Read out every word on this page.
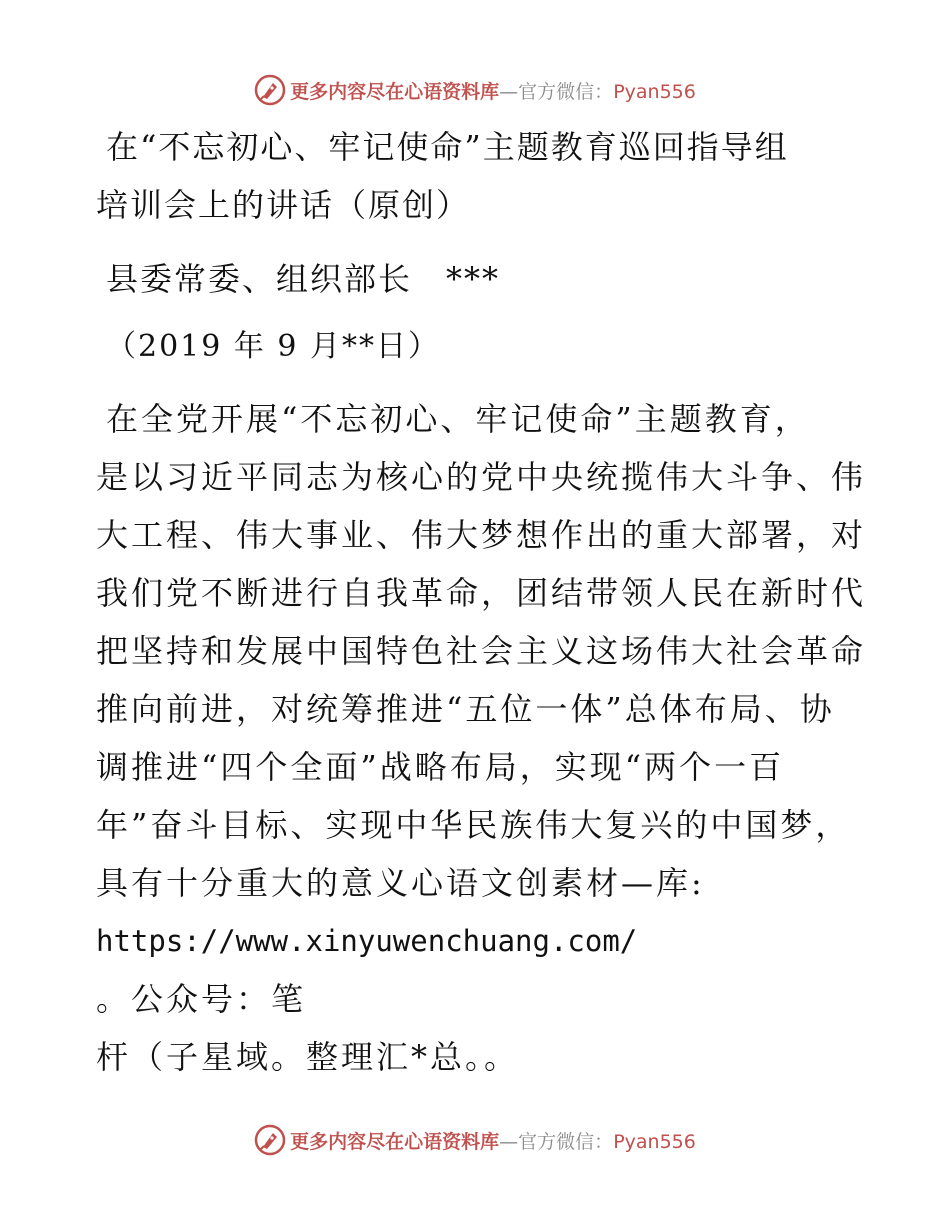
更多内容尽在心语资料库—官方微信：Pyan556
在“不忘初心、牢记使命”主题教育巡回指导组
培训会上的讲话（原创）
县委常委、组织部长 ***
（2019 年 9 月**日）
在全党开展“不忘初心、牢记使命”主题教育，
是以习近平同志为核心的党中央统揽伟大斗争、伟
大工程、伟大事业、伟大梦想作出的重大部署，对
我们党不断进行自我革命，团结带领人民在新时代
把坚持和发展中国特色社会主义这场伟大社会革命
推向前进，对统筹推进“五位一体”总体布局、协
调推进“四个全面”战略布局，实现“两个一百
年”奋斗目标、实现中华民族伟大复兴的中国梦，
具有十分重大的意义心语文创素材—库:
https://www.xinyuwenchuang.com/
。公众号：笔
杆（子星域。整理汇*总。。
更多内容尽在心语资料库—官方微信：Pyan556
